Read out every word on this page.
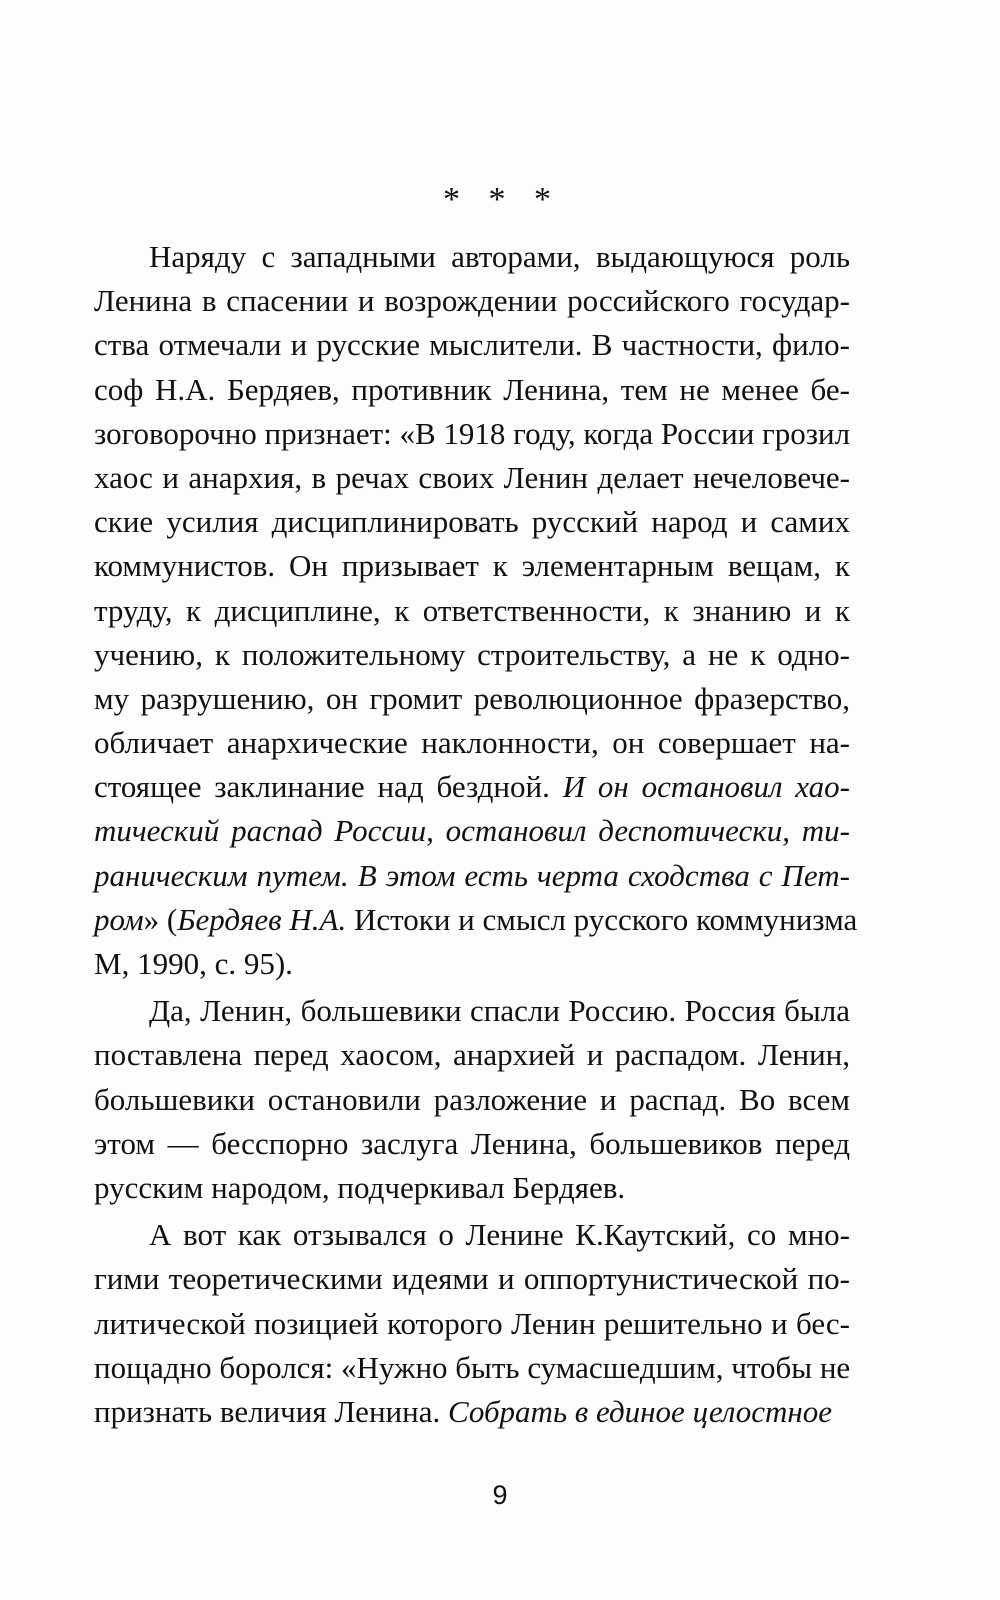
* * *
Наряду с западными авторами, выдающуюся роль
Ленина в спасении и возрождении российского государ-
ства отмечали и русские мыслители. В частности, фило-
соф Н.А. Бердяев, противник Ленина, тем не менее бе-
зоговорочно признает: «В 1918 году, когда России грозил
хаос и анархия, в речах своих Ленин делает нечеловече-
ские усилия дисциплинировать русский народ и самих
коммунистов. Он призывает к элементарным вещам, к
труду, к дисциплине, к ответственности, к знанию и к
учению, к положительному строительству, а не к одно-
му разрушению, он громит революционное фразерство,
обличает анархические наклонности, он совершает на-
стоящее заклинание над бездной. И он остановил хао-
тический распад России, остановил деспотически, ти-
раническим путем. В этом есть черта сходства с Пет-
ром» (Бердяев Н.А. Истоки и смысл русского коммунизма
М, 1990, с. 95).
Да, Ленин, большевики спасли Россию. Россия была
поставлена перед хаосом, анархией и распадом. Ленин,
большевики остановили разложение и распад. Во всем
этом — бесспорно заслуга Ленина, большевиков перед
русским народом, подчеркивал Бердяев.
А вот как отзывался о Ленине К.Каутский, со мно-
гими теоретическими идеями и оппортунистической по-
литической позицией которого Ленин решительно и бес-
пощадно боролся: «Нужно быть сумасшедшим, чтобы не
признать величия Ленина. Собрать в единое целостное
9
